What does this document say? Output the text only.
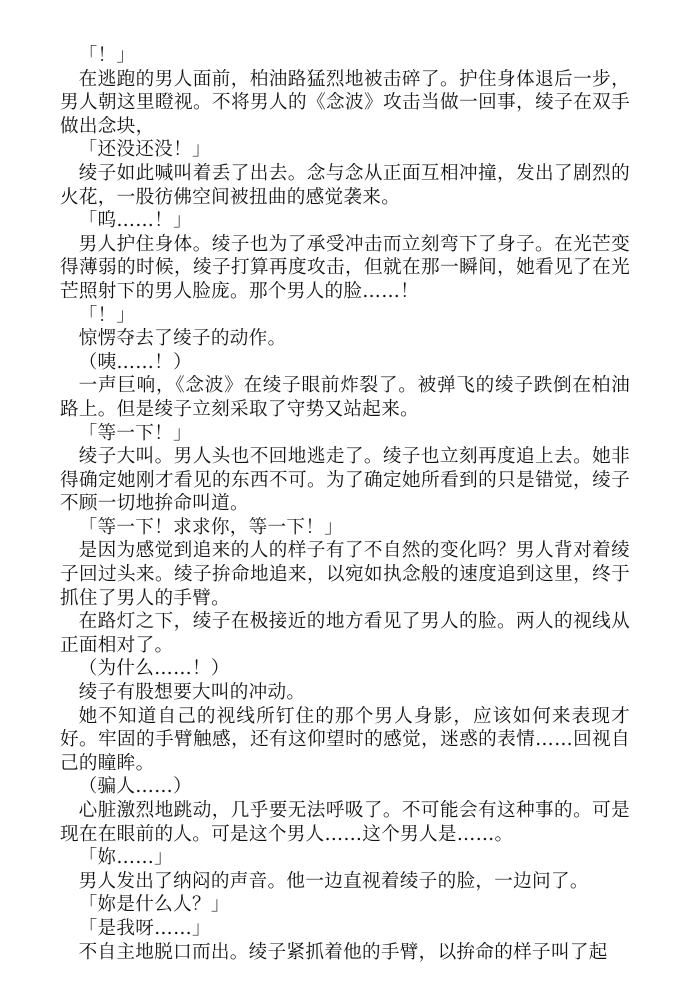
「！」

在逃跑的男人面前，柏油路猛烈地被击碎了。护住身体退后一步，男人朝这里瞪视。不将男人的《念波》攻击当做一回事，绫子在双手做出念块，

「还没还没！」

绫子如此喊叫着丢了出去。念与念从正面互相冲撞，发出了剧烈的火花，一股彷佛空间被扭曲的感觉袭来。

「呜……！」

男人护住身体。绫子也为了承受冲击而立刻弯下了身子。在光芒变得薄弱的时候，绫子打算再度攻击，但就在那一瞬间，她看见了在光芒照射下的男人脸庞。那个男人的脸……！

「！」

惊愣夺去了绫子的动作。

（咦……！）

一声巨响，《念波》在绫子眼前炸裂了。被弹飞的绫子跌倒在柏油路上。但是绫子立刻采取了守势又站起来。

「等一下！」

绫子大叫。男人头也不回地逃走了。绫子也立刻再度追上去。她非得确定她刚才看见的东西不可。为了确定她所看到的只是错觉，绫子不顾一切地拚命叫道。

「等一下！求求你，等一下！」

是因为感觉到追来的人的样子有了不自然的变化吗？男人背对着绫子回过头来。绫子拚命地追来，以宛如执念般的速度追到这里，终于抓住了男人的手臂。

在路灯之下，绫子在极接近的地方看见了男人的脸。两人的视线从正面相对了。

（为什么……！）

绫子有股想要大叫的冲动。

她不知道自己的视线所钉住的那个男人身影，应该如何来表现才好。牢固的手臂触感，还有这仰望时的感觉，迷惑的表情……回视自己的瞳眸。

（骗人……）

心脏激烈地跳动，几乎要无法呼吸了。不可能会有这种事的。可是现在在眼前的人。可是这个男人……这个男人是……。

「妳……」

男人发出了纳闷的声音。他一边直视着绫子的脸，一边问了。

「妳是什么人？」

「是我呀……」

不自主地脱口而出。绫子紧抓着他的手臂，以拚命的样子叫了起
